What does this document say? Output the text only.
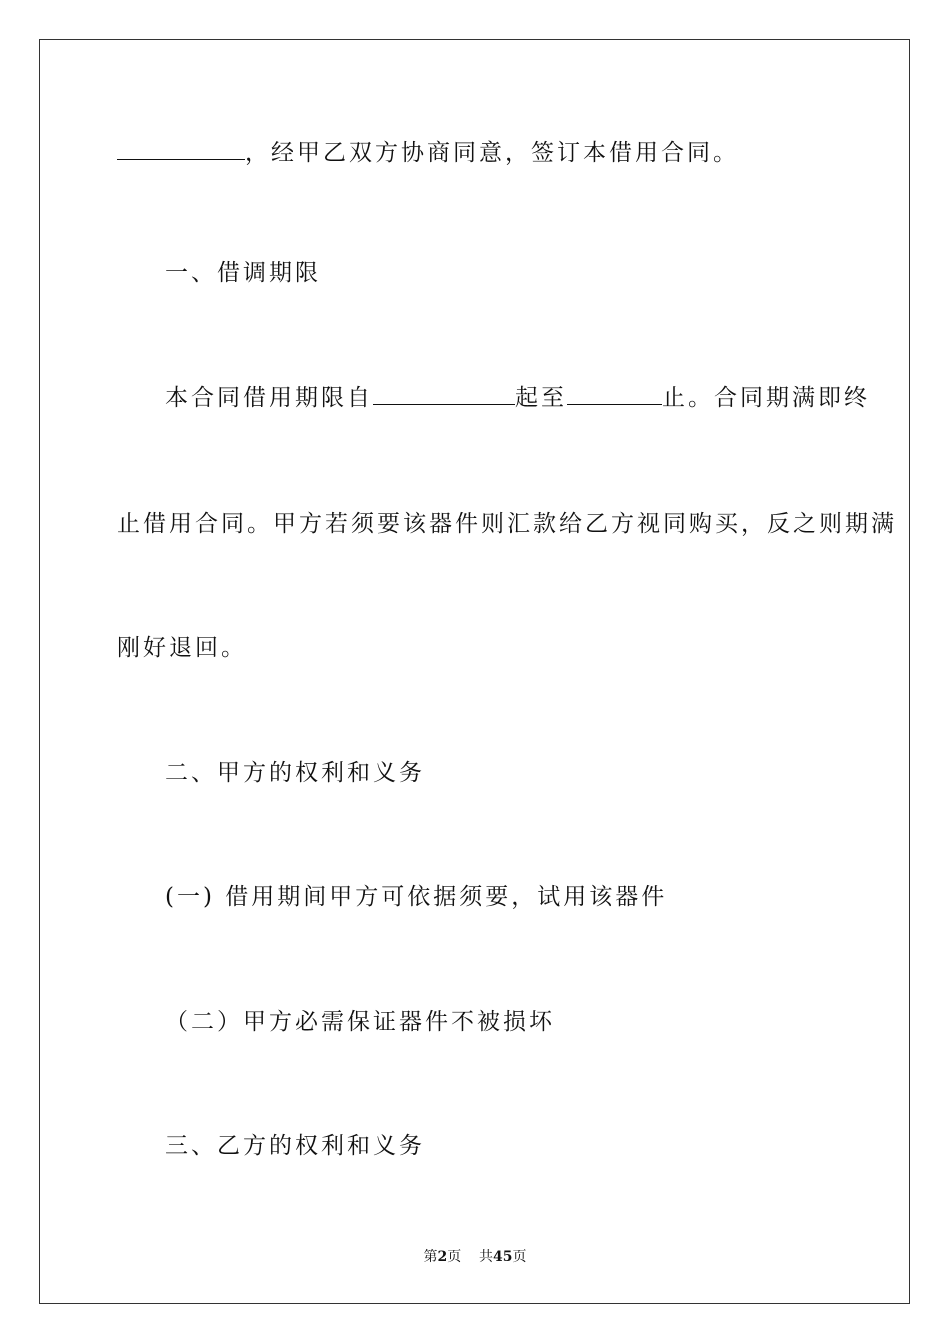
，经甲乙双方协商同意，签订本借用合同。
一、借调期限
本合同借用期限自	起至	止。合同期满即终
止借用合同。甲方若须要该器件则汇款给乙方视同购买，反之则期满
刚好退回。
二、甲方的权利和义务
(一) 借用期间甲方可依据须要，试用该器件
（二）甲方必需保证器件不被损坏
三、乙方的权利和义务
第2页 共45页
